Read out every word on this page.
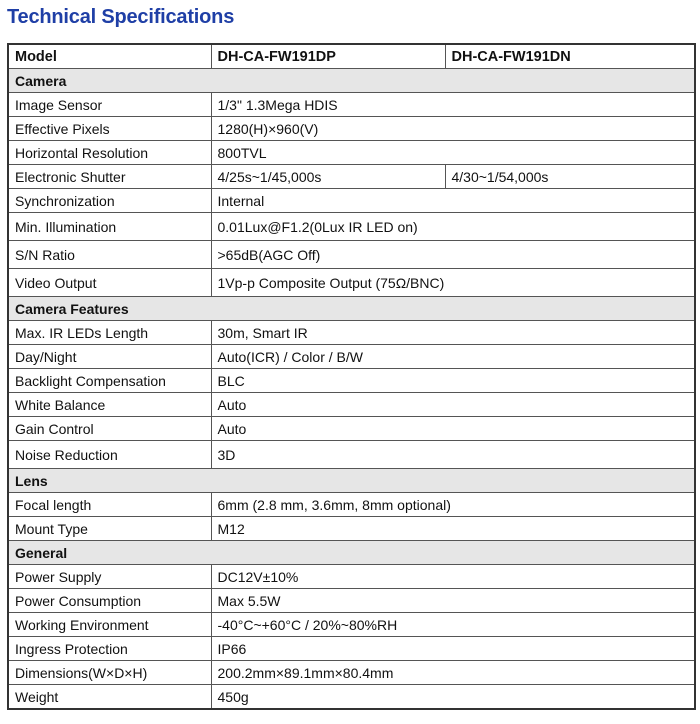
Technical Specifications
Model	DH-CA-FW191DP	DH-CA-FW191DN
Camera		
Image Sensor	1/3" 1.3Mega HDIS	
Effective Pixels	1280(H)×960(V)	
Horizontal Resolution	800TVL	
Electronic Shutter	4/25s~1/45,000s	4/30~1/54,000s
Synchronization	Internal	
Min. Illumination	0.01Lux@F1.2(0Lux IR LED on)	
S/N Ratio	>65dB(AGC Off)	
Video Output	1Vp-p Composite Output (75Ω/BNC)	
Camera Features		
Max. IR LEDs Length	30m, Smart IR	
Day/Night	Auto(ICR) / Color / B/W	
Backlight Compensation	BLC	
White Balance	Auto	
Gain Control	Auto	
Noise Reduction	3D	
Lens		
Focal length	6mm (2.8 mm, 3.6mm, 8mm optional)	
Mount Type	M12	
General		
Power Supply	DC12V±10%	
Power Consumption	Max 5.5W	
Working Environment	-40°C~+60°C / 20%~80%RH	
Ingress Protection	IP66	
Dimensions(W×D×H)	200.2mm×89.1mm×80.4mm	
Weight	450g	
